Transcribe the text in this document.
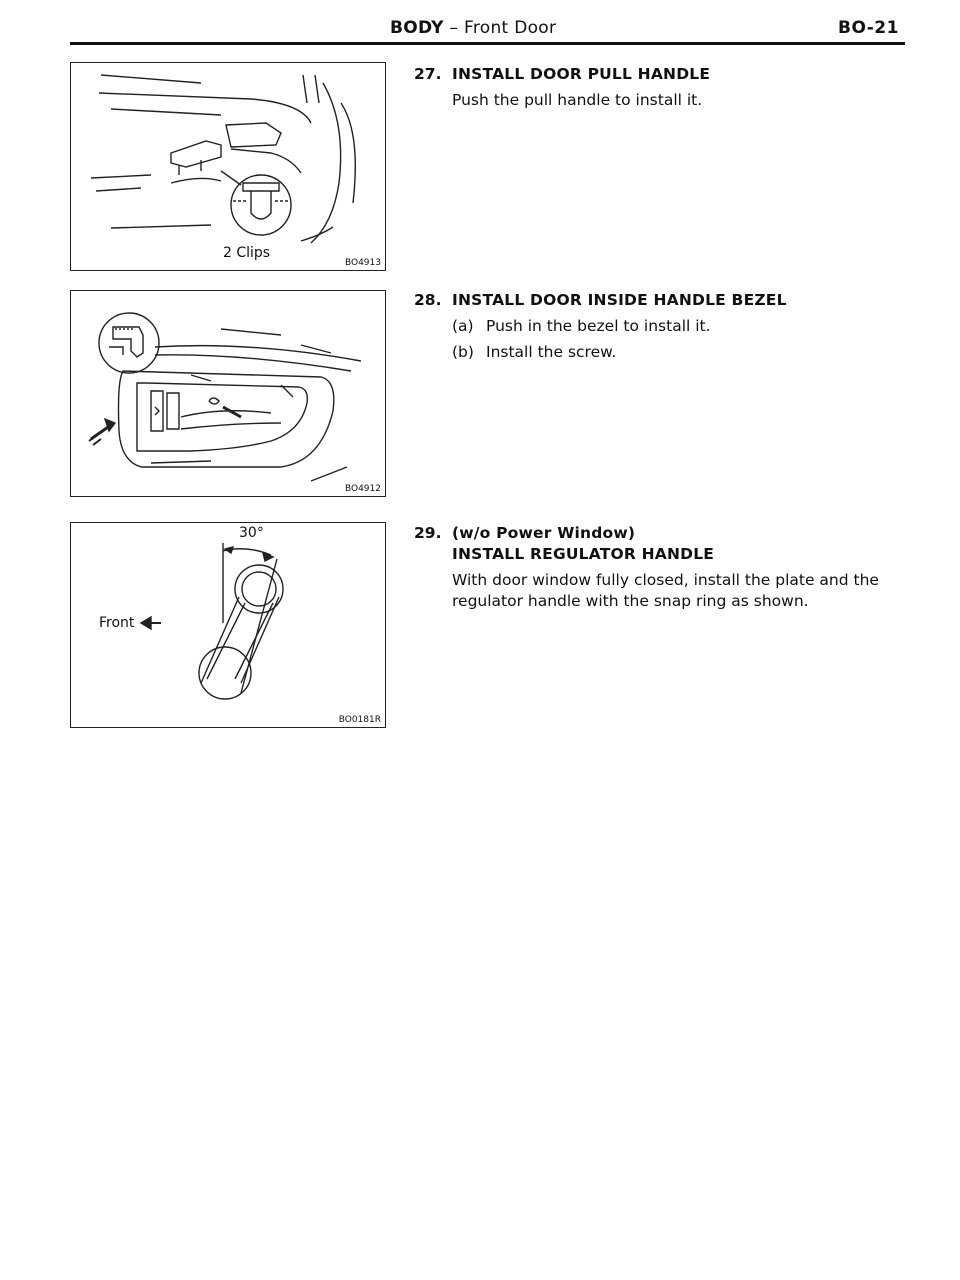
BODY – Front Door	BO-21
2 Clips
BO4913
BO4912
30°
Front
BO0181R
27. INSTALL DOOR PULL HANDLE
Push the pull handle to install it.
28. INSTALL DOOR INSIDE HANDLE BEZEL
(a) Push in the bezel to install it.
(b) Install the screw.
29. (w/o Power Window)
INSTALL REGULATOR HANDLE
With door window fully closed, install the plate and the regulator handle with the snap ring as shown.
